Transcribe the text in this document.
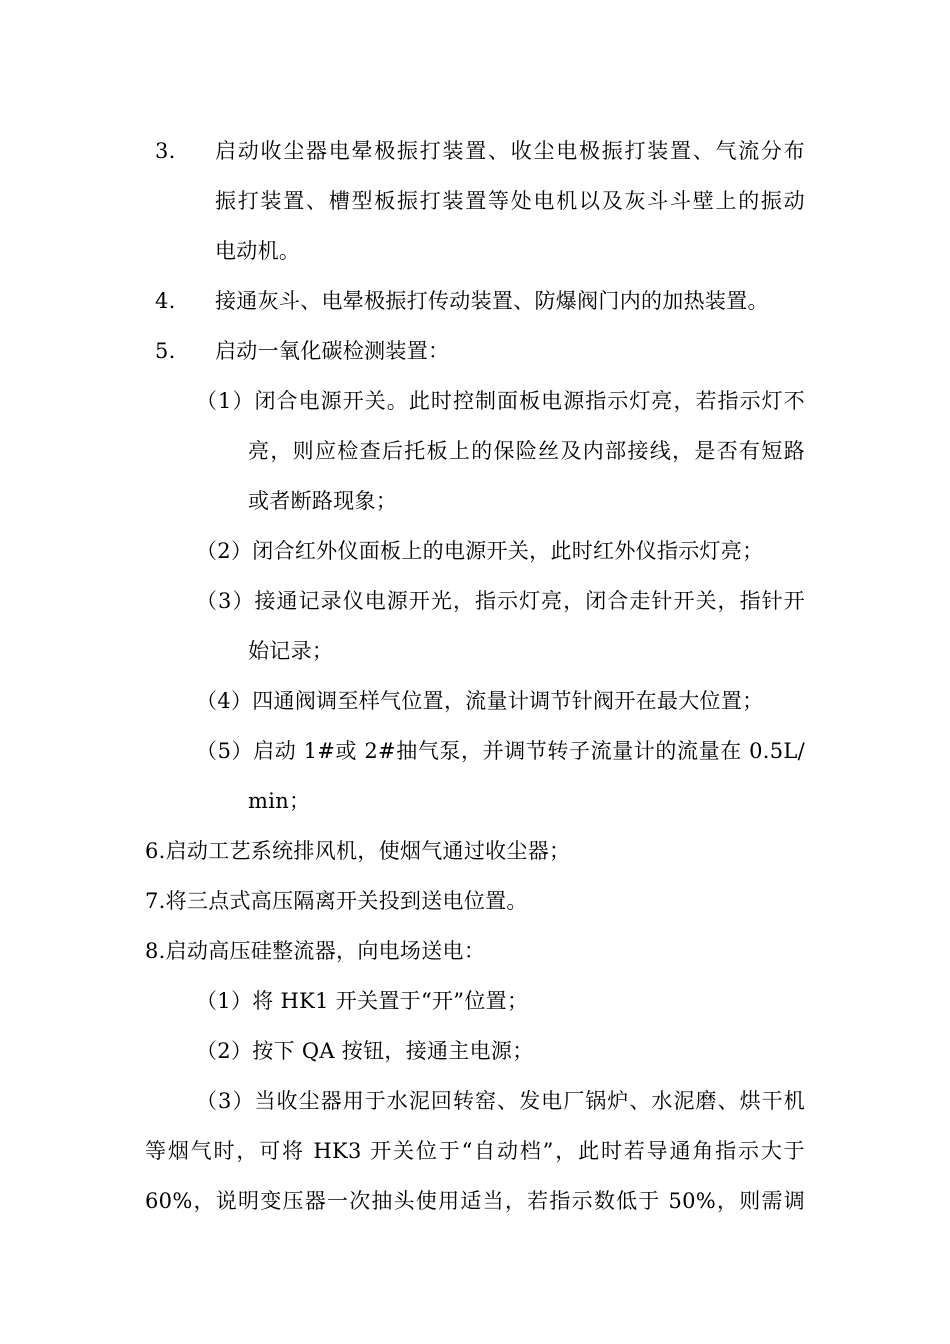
3. 启动收尘器电晕极振打装置、收尘电极振打装置、气流分布
振打装置、槽型板振打装置等处电机以及灰斗斗壁上的振动
电动机。
4. 接通灰斗、电晕极振打传动装置、防爆阀门内的加热装置。
5. 启动一氧化碳检测装置：
（1）闭合电源开关。此时控制面板电源指示灯亮，若指示灯不
亮，则应检查后托板上的保险丝及内部接线，是否有短路
或者断路现象；
（2）闭合红外仪面板上的电源开关，此时红外仪指示灯亮；
（3）接通记录仪电源开光，指示灯亮，闭合走针开关，指针开
始记录；
（4）四通阀调至样气位置，流量计调节针阀开在最大位置；
（5）启动 1#或 2#抽气泵，并调节转子流量计的流量在 0.5L/
min；
6.启动工艺系统排风机，使烟气通过收尘器；
7.将三点式高压隔离开关投到送电位置。
8.启动高压硅整流器，向电场送电：
（1）将 HK1 开关置于“开”位置；
（2）按下 QA 按钮，接通主电源；
（3）当收尘器用于水泥回转窑、发电厂锅炉、水泥磨、烘干机
等烟气时，可将 HK3 开关位于“自动档”，此时若导通角指示大于
60%，说明变压器一次抽头使用适当，若指示数低于 50%，则需调
